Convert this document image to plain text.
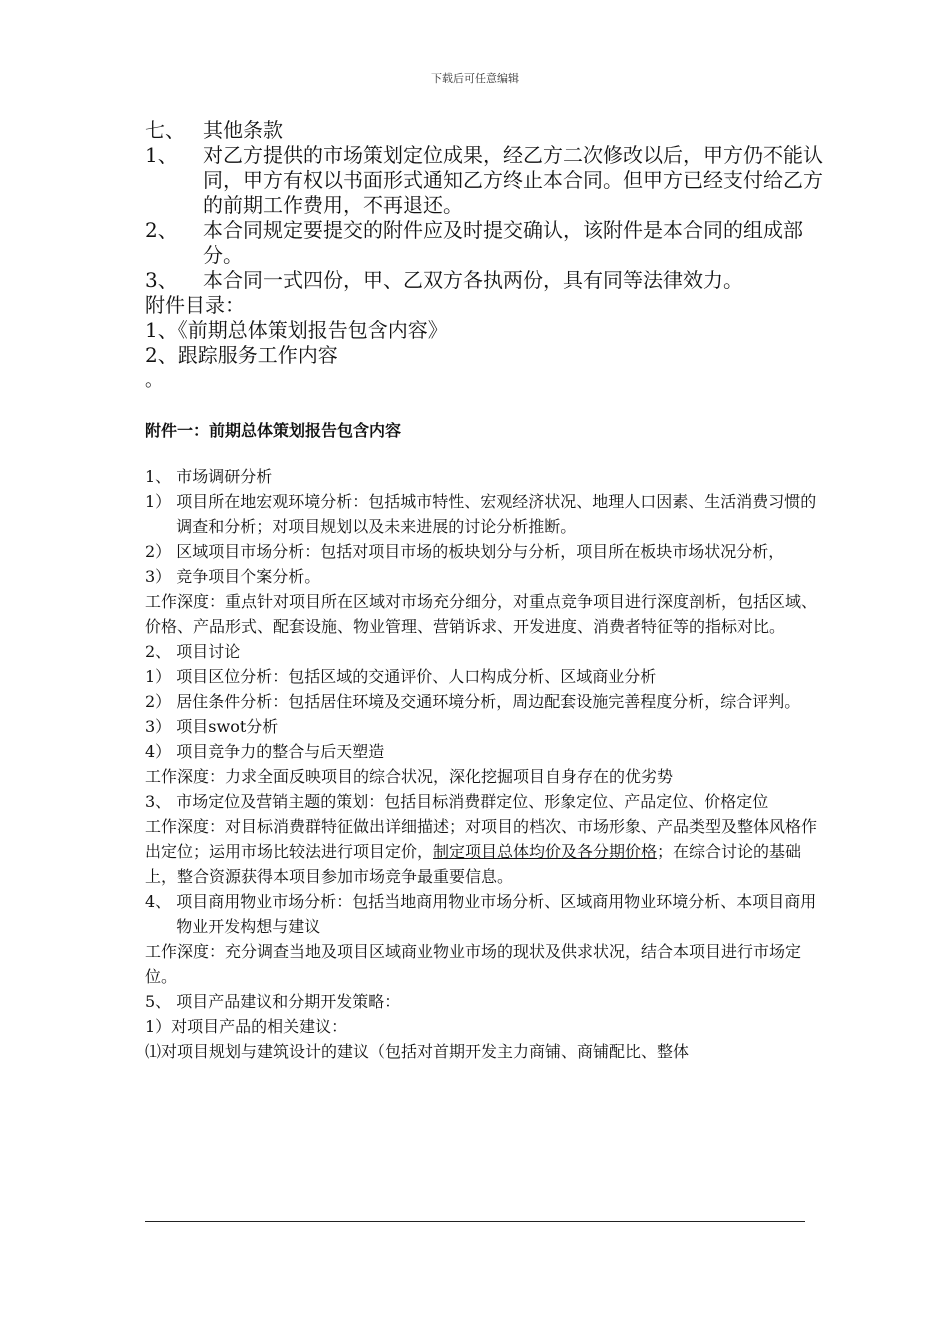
下载后可任意编辑
七、 其他条款
1、	对乙方提供的市场策划定位成果，经乙方二次修改以后，甲方仍不能认同，甲方有权以书面形式通知乙方终止本合同。但甲方已经支付给乙方的前期工作费用，不再退还。
2、	本合同规定要提交的附件应及时提交确认，该附件是本合同的组成部分。
3、	本合同一式四份，甲、乙双方各执两份，具有同等法律效力。
附件目录：
1、《前期总体策划报告包含内容》
2、跟踪服务工作内容
。
附件一：前期总体策划报告包含内容
1、 市场调研分析
1） 项目所在地宏观环境分析：包括城市特性、宏观经济状况、地理人口因素、生活消费习惯的调查和分析；对项目规划以及未来进展的讨论分析推断。
2） 区域项目市场分析：包括对项目市场的板块划分与分析，项目所在板块市场状况分析，
3） 竞争项目个案分析。

工作深度：重点针对项目所在区域对市场充分细分，对重点竞争项目进行深度剖析，包括区域、价格、产品形式、配套设施、物业管理、营销诉求、开发进度、消费者特征等的指标对比。

2、 项目讨论
1） 项目区位分析：包括区域的交通评价、人口构成分析、区域商业分析
2） 居住条件分析：包括居住环境及交通环境分析，周边配套设施完善程度分析，综合评判。
3） 项目swot分析
4） 项目竞争力的整合与后天塑造

工作深度：力求全面反映项目的综合状况，深化挖掘项目自身存在的优劣势

3、 市场定位及营销主题的策划：包括目标消费群定位、形象定位、产品定位、价格定位

工作深度：对目标消费群特征做出详细描述；对项目的档次、市场形象、产品类型及整体风格作出定位；运用市场比较法进行项目定价，制定项目总体均价及各分期价格；在综合讨论的基础上，整合资源获得本项目参加市场竞争最重要信息。

4、 项目商用物业市场分析：包括当地商用物业市场分析、区域商用物业环境分析、本项目商用物业开发构想与建议

工作深度：充分调查当地及项目区域商业物业市场的现状及供求状况，结合本项目进行市场定位。

5、 项目产品建议和分期开发策略：
1）对项目产品的相关建议：
⑴对项目规划与建筑设计的建议（包括对首期开发主力商铺、商铺配比、整体
